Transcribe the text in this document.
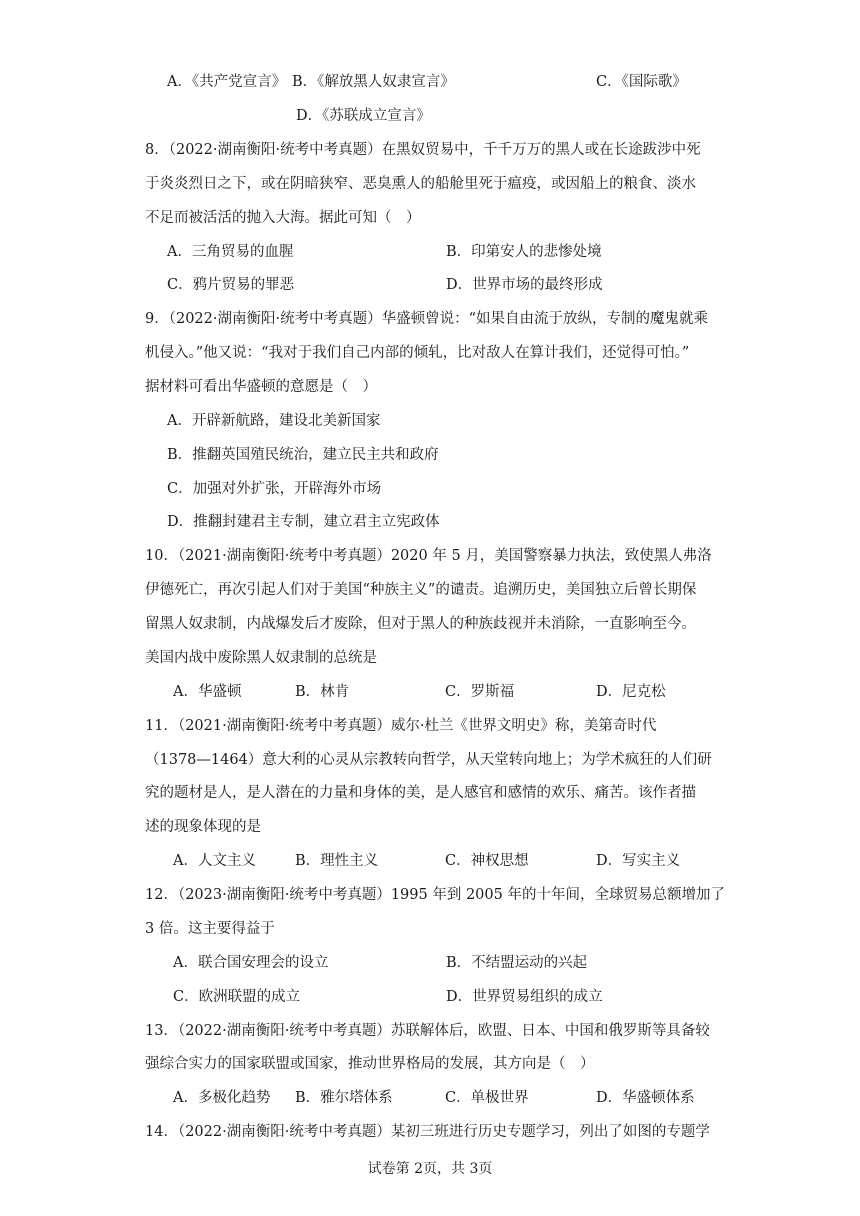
A．《共产党宣言》 B．《解放黑人奴隶宣言》	C．《国际歌》
D．《苏联成立宣言》
8．（2022·湖南衡阳·统考中考真题）在黑奴贸易中，千千万万的黑人或在长途跋涉中死
于炎炎烈日之下，或在阴暗狭窄、恶臭熏人的船舱里死于瘟疫，或因船上的粮食、淡水
不足而被活活的抛入大海。据此可知（　）
A．三角贸易的血腥	B．印第安人的悲惨处境
C．鸦片贸易的罪恶	D．世界市场的最终形成
9．（2022·湖南衡阳·统考中考真题）华盛顿曾说：“如果自由流于放纵，专制的魔鬼就乘
机侵入。”他又说：“我对于我们自己内部的倾轧，比对敌人在算计我们，还觉得可怕。”
据材料可看出华盛顿的意愿是（　）
A．开辟新航路，建设北美新国家
B．推翻英国殖民统治，建立民主共和政府
C．加强对外扩张，开辟海外市场
D．推翻封建君主专制，建立君主立宪政体
10．（2021·湖南衡阳·统考中考真题）2020 年 5 月，美国警察暴力执法，致使黑人弗洛
伊德死亡，再次引起人们对于美国“种族主义”的谴责。追溯历史，美国独立后曾长期保
留黑人奴隶制，内战爆发后才废除，但对于黑人的种族歧视并未消除，一直影响至今。
美国内战中废除黑人奴隶制的总统是
A．华盛顿	B．林肯	C．罗斯福	D．尼克松
11．（2021·湖南衡阳·统考中考真题）威尔·杜兰《世界文明史》称，美第奇时代
（1378—1464）意大利的心灵从宗教转向哲学，从天堂转向地上；为学术疯狂的人们研
究的题材是人，是人潜在的力量和身体的美，是人感官和感情的欢乐、痛苦。该作者描
述的现象体现的是
A．人文主义	B．理性主义	C．神权思想	D．写实主义
12．（2023·湖南衡阳·统考中考真题）1995 年到 2005 年的十年间，全球贸易总额增加了
3 倍。这主要得益于
A．联合国安理会的设立	B．不结盟运动的兴起
C．欧洲联盟的成立	D．世界贸易组织的成立
13．（2022·湖南衡阳·统考中考真题）苏联解体后，欧盟、日本、中国和俄罗斯等具备较
强综合实力的国家联盟或国家，推动世界格局的发展，其方向是（　）
A．多极化趋势 B．雅尔塔体系	C．单极世界	D．华盛顿体系
14．（2022·湖南衡阳·统考中考真题）某初三班进行历史专题学习，列出了如图的专题学
试卷第 2页，共 3页
